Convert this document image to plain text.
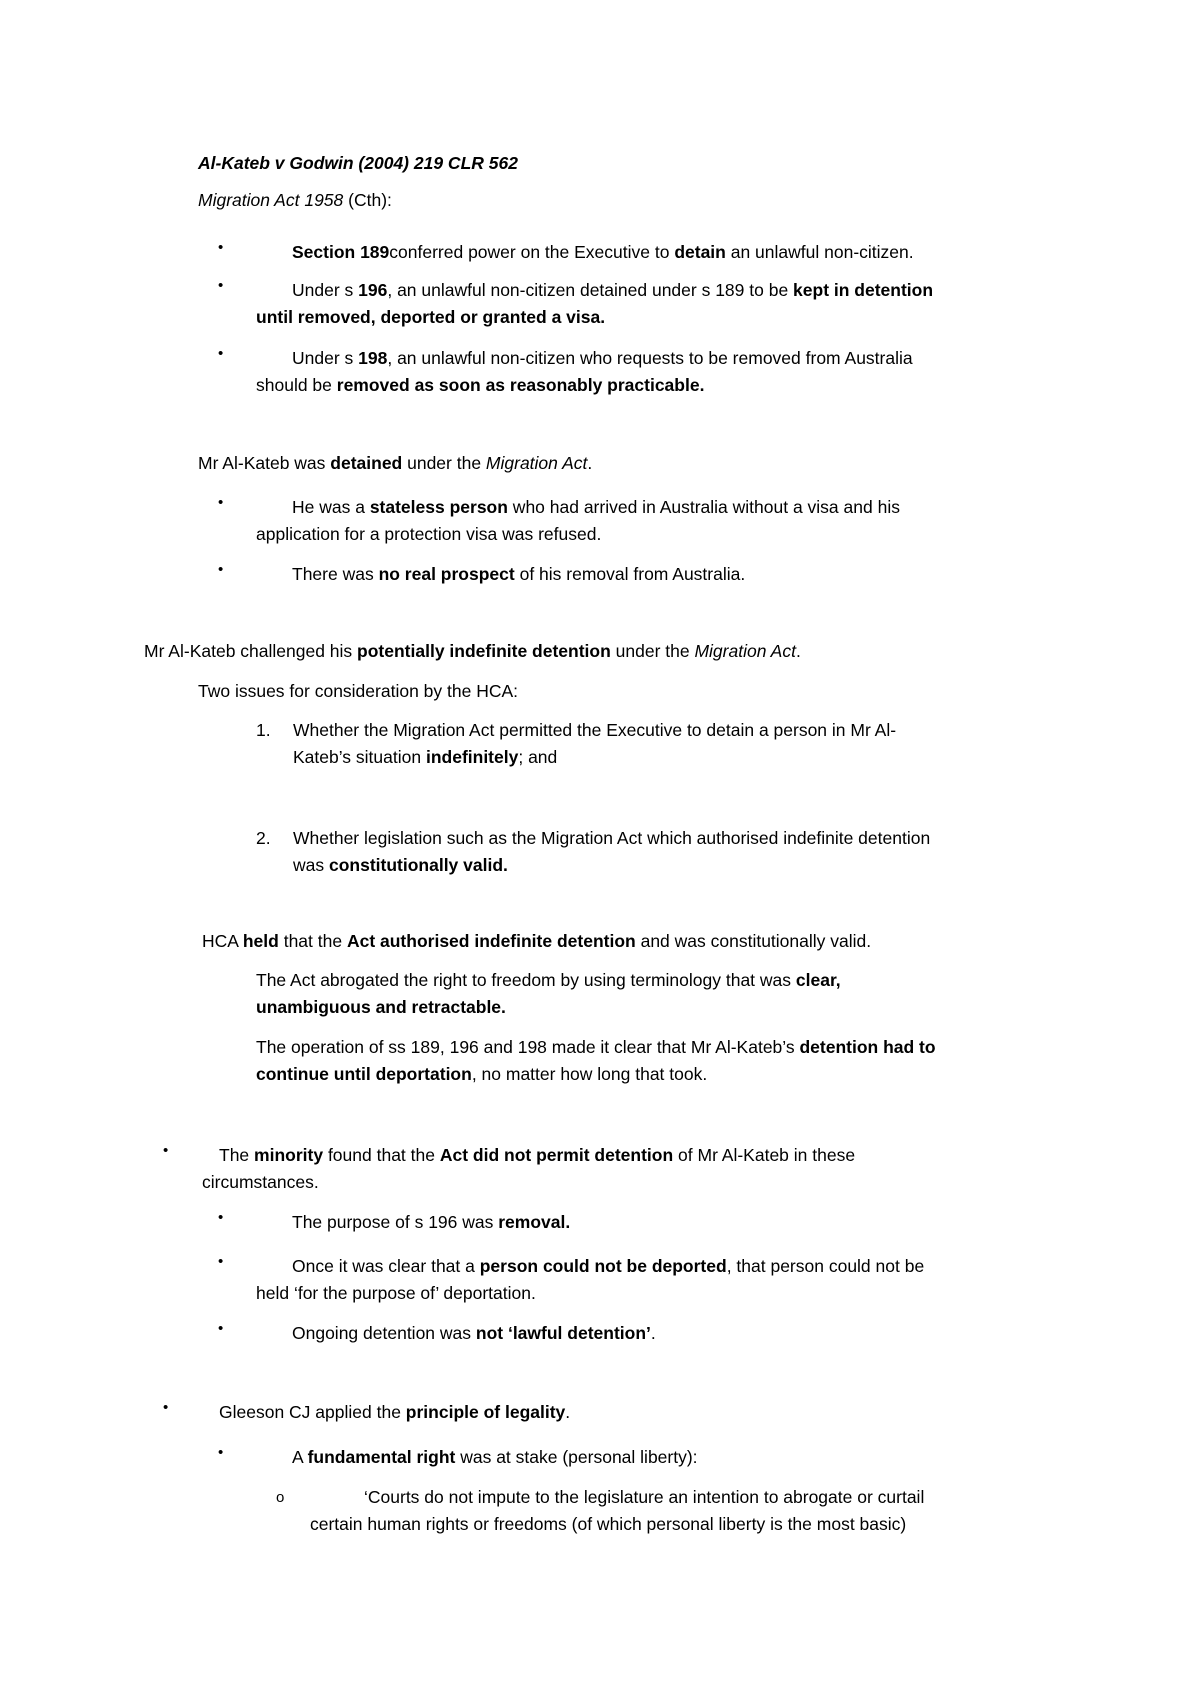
Al-Kateb v Godwin (2004) 219 CLR 562
Migration Act 1958 (Cth):
•	Section 189conferred power on the Executive to detain an unlawful non-citizen.
•	Under s 196, an unlawful non-citizen detained under s 189 to be kept in detention
until removed, deported or granted a visa.
•	Under s 198, an unlawful non-citizen who requests to be removed from Australia
should be removed as soon as reasonably practicable.
Mr Al-Kateb was detained under the Migration Act.
•	He was a stateless person who had arrived in Australia without a visa and his
application for a protection visa was refused.
•	There was no real prospect of his removal from Australia.
Mr Al-Kateb challenged his potentially indefinite detention under the Migration Act.
Two issues for consideration by the HCA:
1. Whether the Migration Act permitted the Executive to detain a person in Mr Al-
Kateb’s situation indefinitely; and
2. Whether legislation such as the Migration Act which authorised indefinite detention
was constitutionally valid.
HCA held that the Act authorised indefinite detention and was constitutionally valid.
The Act abrogated the right to freedom by using terminology that was clear,
unambiguous and retractable.
The operation of ss 189, 196 and 198 made it clear that Mr Al-Kateb’s detention had to
continue until deportation, no matter how long that took.
•	The minority found that the Act did not permit detention of Mr Al-Kateb in these
circumstances.
•	The purpose of s 196 was removal.
•	Once it was clear that a person could not be deported, that person could not be
held ‘for the purpose of’ deportation.
•	Ongoing detention was not ‘lawful detention’.
•	Gleeson CJ applied the principle of legality.
•	A fundamental right was at stake (personal liberty):
o	‘Courts do not impute to the legislature an intention to abrogate or curtail
certain human rights or freedoms (of which personal liberty is the most basic)
